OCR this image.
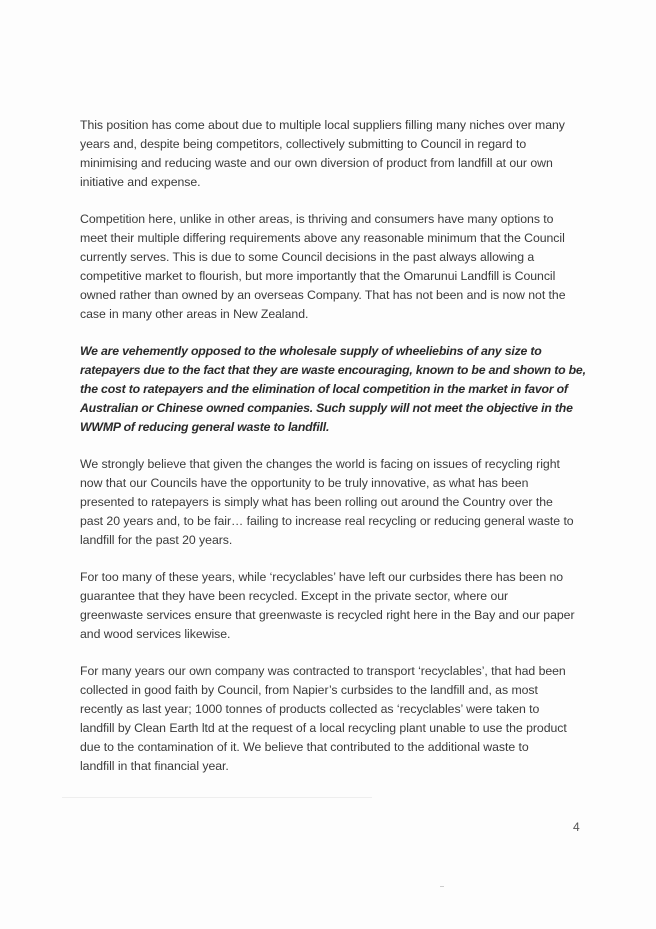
This position has come about due to multiple local suppliers filling many niches over many
years and, despite being competitors, collectively submitting to Council in regard to
minimising and reducing waste and our own diversion of product from landfill at our own
initiative and expense.

Competition here, unlike in other areas, is thriving and consumers have many options to
meet their multiple differing requirements above any reasonable minimum that the Council
currently serves. This is due to some Council decisions in the past always allowing a
competitive market to flourish, but more importantly that the Omarunui Landfill is Council
owned rather than owned by an overseas Company. That has not been and is now not the
case in many other areas in New Zealand.

We are vehemently opposed to the wholesale supply of wheeliebins of any size to
ratepayers due to the fact that they are waste encouraging, known to be and shown to be,
the cost to ratepayers and the elimination of local competition in the market in favor of
Australian or Chinese owned companies. Such supply will not meet the objective in the
WWMP of reducing general waste to landfill.

We strongly believe that given the changes the world is facing on issues of recycling right
now that our Councils have the opportunity to be truly innovative, as what has been
presented to ratepayers is simply what has been rolling out around the Country over the
past 20 years and, to be fair… failing to increase real recycling or reducing general waste to
landfill for the past 20 years.

For too many of these years, while ‘recyclables’ have left our curbsides there has been no
guarantee that they have been recycled. Except in the private sector, where our
greenwaste services ensure that greenwaste is recycled right here in the Bay and our paper
and wood services likewise.

For many years our own company was contracted to transport ‘recyclables’, that had been
collected in good faith by Council, from Napier’s curbsides to the landfill and, as most
recently as last year; 1000 tonnes of products collected as ‘recyclables’ were taken to
landfill by Clean Earth ltd at the request of a local recycling plant unable to use the product
due to the contamination of it. We believe that contributed to the additional waste to
landfill in that financial year.

4
